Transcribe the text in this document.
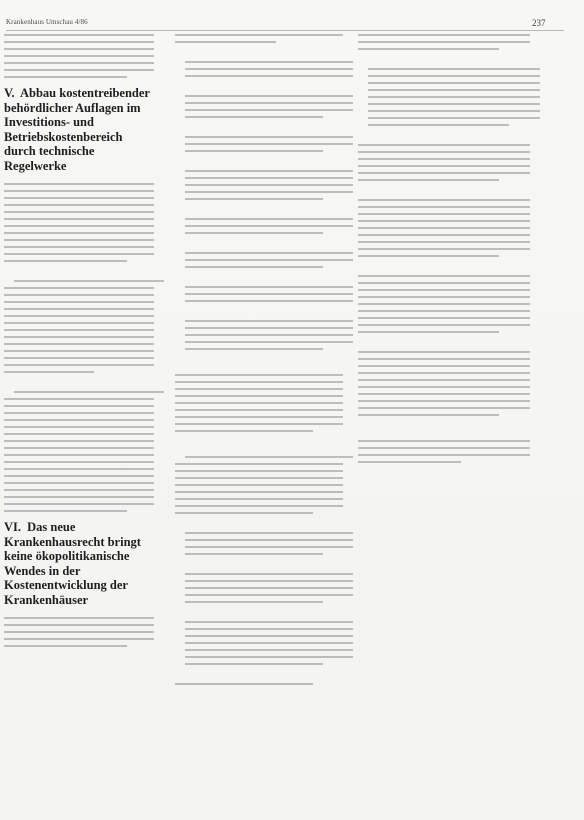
Krankenhaus Umschau 4/86	237
V. Abbau kostentreibender behördlicher Auflagen im Investitions- und Betriebskostenbereich durch technische Regelwerke
VI. Das neue Krankenhausrecht bringt keine ökopolitikanische Wendes in der Kostenentwicklung der Krankenhäuser
